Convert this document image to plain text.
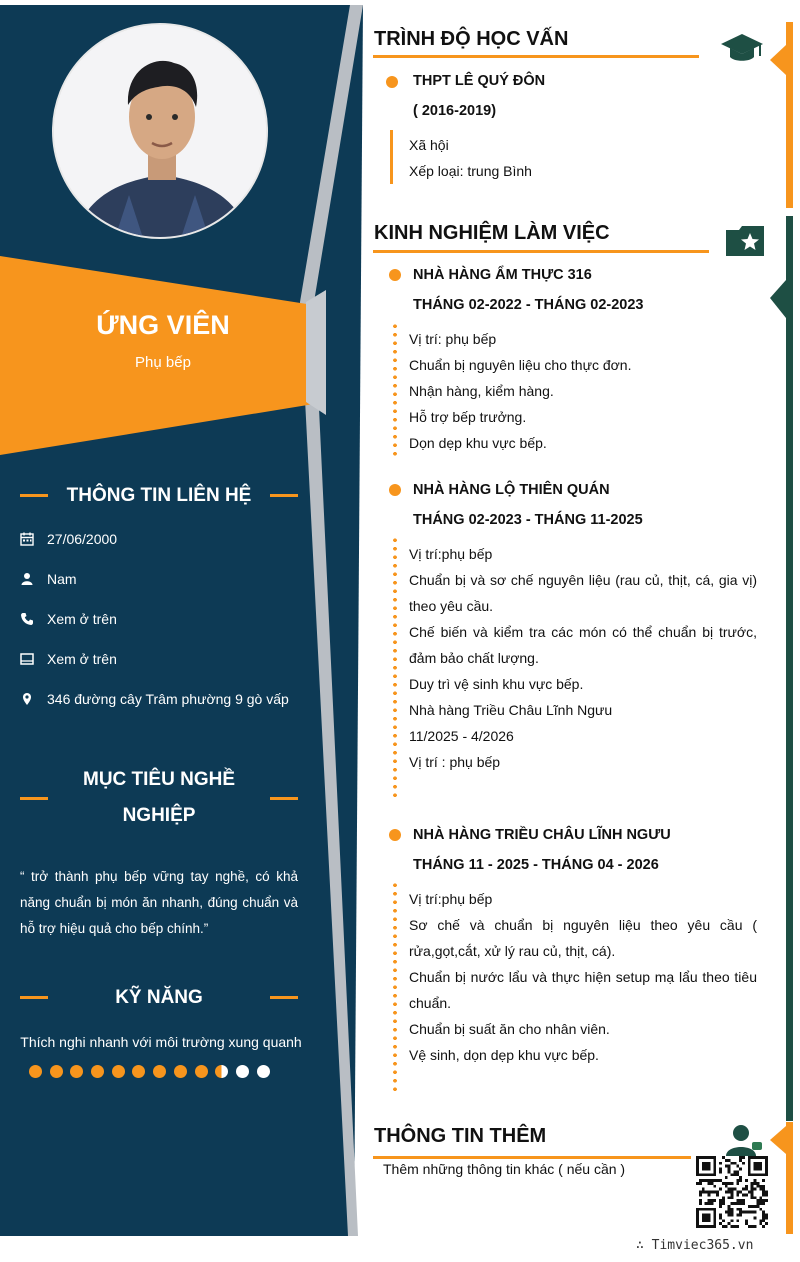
ỨNG VIÊN
Phụ bếp
THÔNG TIN LIÊN HỆ
27/06/2000
Nam
Xem ở trên
Xem ở trên
346 đường cây Trâm phường 9 gò vấp
MỤC TIÊU NGHỀ
NGHIỆP
“ trở thành phụ bếp vững tay nghề, có khả năng chuẩn bị món ăn nhanh, đúng chuẩn và hỗ trợ hiệu quả cho bếp chính.”
KỸ NĂNG
Thích nghi nhanh với môi trường xung quanh
TRÌNH ĐỘ HỌC VẤN
THPT LÊ QUÝ ĐÔN
( 2016-2019)

Xã hội

Xếp loại: trung Bình

KINH NGHIỆM LÀM VIỆC
NHÀ HÀNG ẨM THỰC 316
THÁNG 02-2022 - THÁNG 02-2023

Vị trí: phụ bếp

Chuẩn bị nguyên liệu cho thực đơn.

Nhận hàng, kiểm hàng.

Hỗ trợ bếp trưởng.

Dọn dẹp khu vực bếp.

NHÀ HÀNG LỘ THIÊN QUÁN
THÁNG 02-2023 - THÁNG 11-2025

Vị trí:phụ bếp

Chuẩn bị và sơ chế nguyên liệu (rau củ, thịt, cá, gia vị) theo yêu cầu.

Chế biến và kiểm tra các món có thể chuẩn bị trước, đảm bảo chất lượng.

Duy trì vệ sinh khu vực bếp.

Nhà hàng Triều Châu Lĩnh Ngưu

11/2025 - 4/2026

Vị trí : phụ bếp

NHÀ HÀNG TRIỀU CHÂU LĨNH NGƯU
THÁNG 11 - 2025 - THÁNG 04 - 2026

Vị trí:phụ bếp

Sơ chế và chuẩn bị nguyên liệu theo yêu cầu ( rửa,gọt,cắt, xử lý rau củ, thịt, cá).

Chuẩn bị nước lẩu và thực hiện setup mạ lẩu theo tiêu chuẩn.

Chuẩn bị suất ăn cho nhân viên.

Vệ sinh, dọn dẹp khu vực bếp.

THÔNG TIN THÊM
Thêm những thông tin khác ( nếu cần )
∴ Timviec365.vn
